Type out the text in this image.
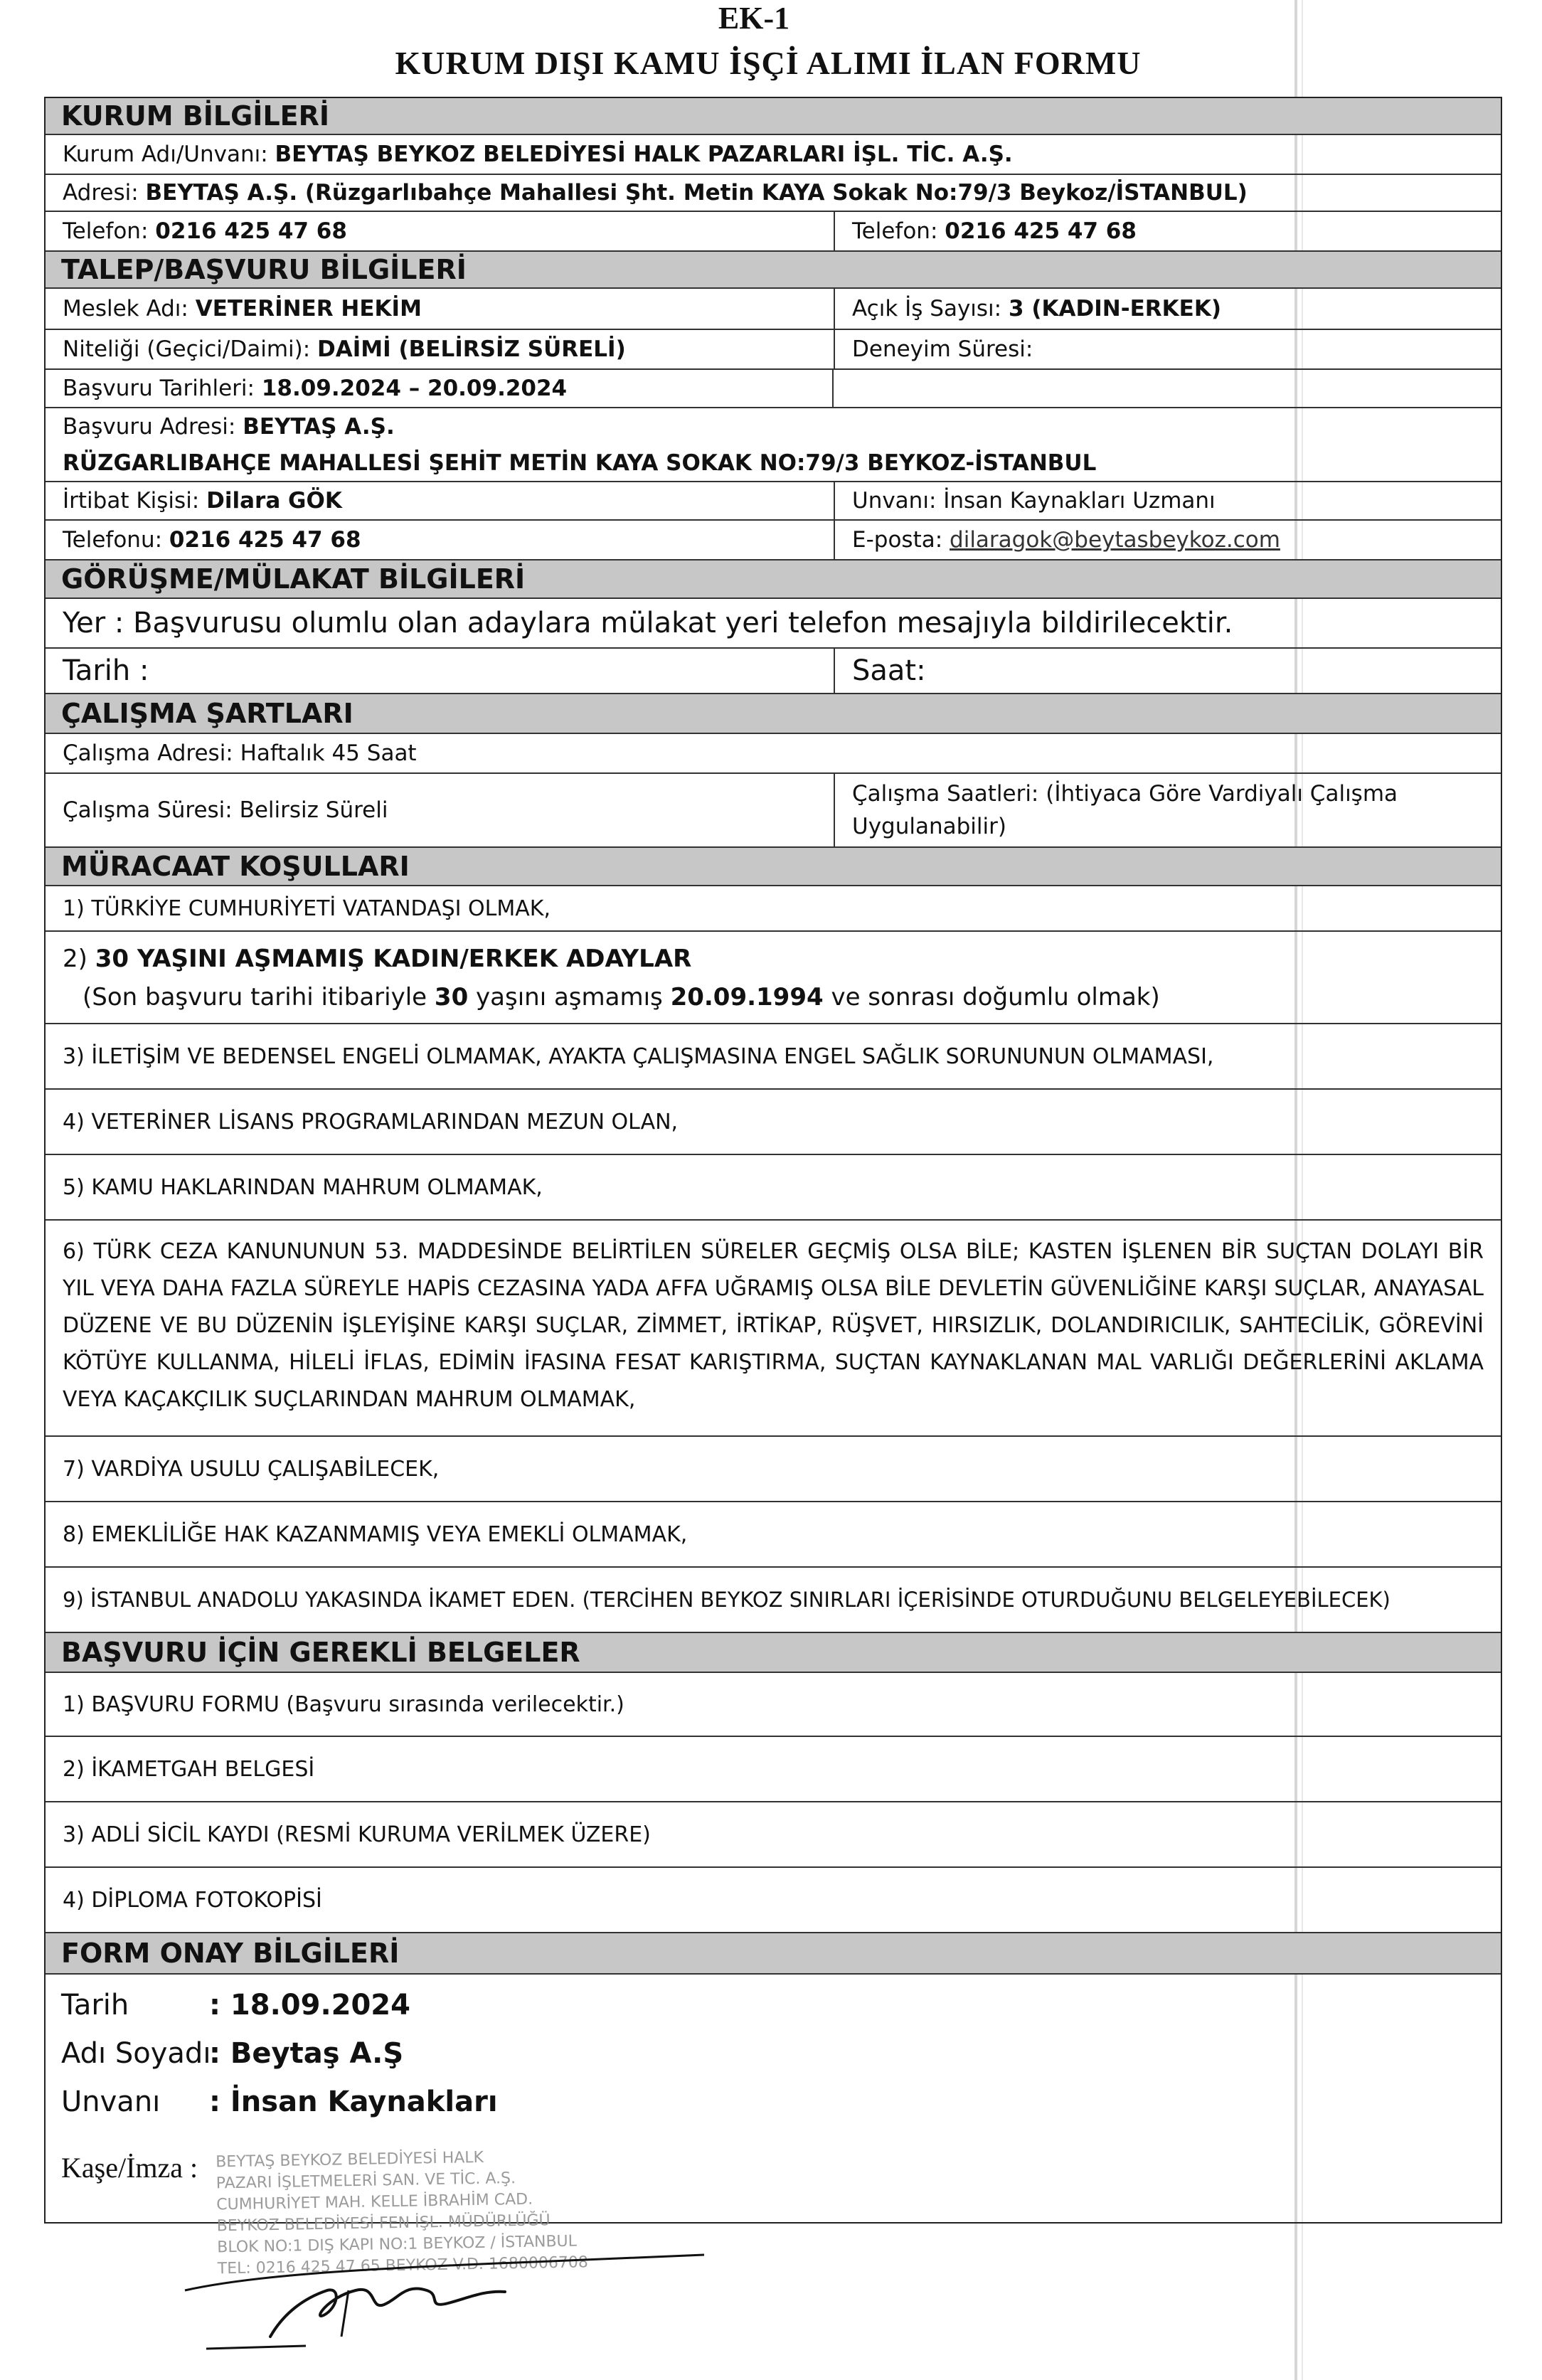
EK-1
KURUM DIŞI KAMU İŞÇİ ALIMI İLAN FORMU
KURUM BİLGİLERİ
Kurum Adı/Unvanı:
BEYTAŞ BEYKOZ BELEDİYESİ HALK PAZARLARI İŞL. TİC. A.Ş.
Adresi:
BEYTAŞ A.Ş. (Rüzgarlıbahçe Mahallesi Şht. Metin KAYA Sokak No:79/3 Beykoz/İSTANBUL)
Telefon:
0216 425 47 68	Telefon:
0216 425 47 68
TALEP/BAŞVURU BİLGİLERİ
Meslek Adı:
VETERİNER HEKİM	Açık İş Sayısı:
3 (KADIN-ERKEK)
Niteliği (Geçici/Daimi):
DAİMİ (BELİRSİZ SÜRELİ)	Deneyim Süresi:
Başvuru Tarihleri:
18.09.2024 – 20.09.2024
Başvuru Adresi:
BEYTAŞ A.Ş.
RÜZGARLIBAHÇE MAHALLESİ ŞEHİT METİN KAYA SOKAK NO:79/3 BEYKOZ-İSTANBUL
İrtibat Kişisi:
Dilara GÖK	Unvanı:
İnsan Kaynakları Uzmanı
Telefonu:
0216 425 47 68	E-posta:
dilaragok@beytasbeykoz.com
GÖRÜŞME/MÜLAKAT BİLGİLERİ
Yer : Başvurusu olumlu olan adaylara mülakat yeri telefon mesajıyla bildirilecektir.
Tarih :	Saat:
ÇALIŞMA ŞARTLARI
Çalışma Adresi: Haftalık 45 Saat
Çalışma Süresi: Belirsiz Süreli
Çalışma Saatleri: (İhtiyaca Göre Vardiyalı Çalışma
Uygulanabilir)
MÜRACAAT KOŞULLARI
1) TÜRKİYE CUMHURİYETİ VATANDAŞI OLMAK,
2) 30 YAŞINI AŞMAMIŞ KADIN/ERKEK ADAYLAR
(Son başvuru tarihi itibariyle 30 yaşını aşmamış 20.09.1994 ve sonrası doğumlu olmak)
3) İLETİŞİM VE BEDENSEL ENGELİ OLMAMAK, AYAKTA ÇALIŞMASINA ENGEL SAĞLIK SORUNUNUN OLMAMASI,
4) VETERİNER LİSANS PROGRAMLARINDAN MEZUN OLAN,
5) KAMU HAKLARINDAN MAHRUM OLMAMAK,
6) TÜRK CEZA KANUNUNUN 53. MADDESİNDE BELİRTİLEN SÜRELER GEÇMİŞ OLSA BİLE; KASTEN İŞLENEN BİR SUÇTAN DOLAYI BİR YIL VEYA DAHA FAZLA SÜREYLE HAPİS CEZASINA YADA AFFA UĞRAMIŞ OLSA BİLE DEVLETİN GÜVENLİĞİNE KARŞI SUÇLAR, ANAYASAL DÜZENE VE BU DÜZENİN İŞLEYİŞİNE KARŞI SUÇLAR, ZİMMET, İRTİKAP, RÜŞVET, HIRSIZLIK, DOLANDIRICILIK, SAHTECİLİK, GÖREVİNİ KÖTÜYE KULLANMA, HİLELİ İFLAS, EDİMİN İFASINA FESAT KARIŞTIRMA, SUÇTAN KAYNAKLANAN MAL VARLIĞI DEĞERLERİNİ AKLAMA VEYA KAÇAKÇILIK SUÇLARINDAN MAHRUM OLMAMAK,
7) VARDİYA USULU ÇALIŞABİLECEK,
8) EMEKLİLİĞE HAK KAZANMAMIŞ VEYA EMEKLİ OLMAMAK,
9) İSTANBUL ANADOLU YAKASINDA İKAMET EDEN. (TERCİHEN BEYKOZ SINIRLARI İÇERİSİNDE OTURDUĞUNU BELGELEYEBİLECEK)
BAŞVURU İÇİN GEREKLİ BELGELER
1) BAŞVURU FORMU (Başvuru sırasında verilecektir.)
2) İKAMETGAH BELGESİ
3) ADLİ SİCİL KAYDI (RESMİ KURUMA VERİLMEK ÜZERE)
4) DİPLOMA FOTOKOPİSİ
FORM ONAY BİLGİLERİ
Tarih	: 18.09.2024
Adı Soyadı: Beytaş A.Ş
Unvanı : İnsan Kaynakları
Kaşe/İmza : BEYTAŞ BEYKOZ BELEDİYESİ HALK
PAZARI İŞLETMELERİ SAN. VE TİC. A.Ş.
CUMHURİYET MAH. KELLE İBRAHİM CAD.
BEYKOZ BELEDİYESİ FEN İŞL. MÜDÜRLÜĞÜ
BLOK NO:1 DIŞ KAPI NO:1 BEYKOZ / İSTANBUL
TEL: 0216 425 47 65 BEYKOZ V.D. 1680006708
